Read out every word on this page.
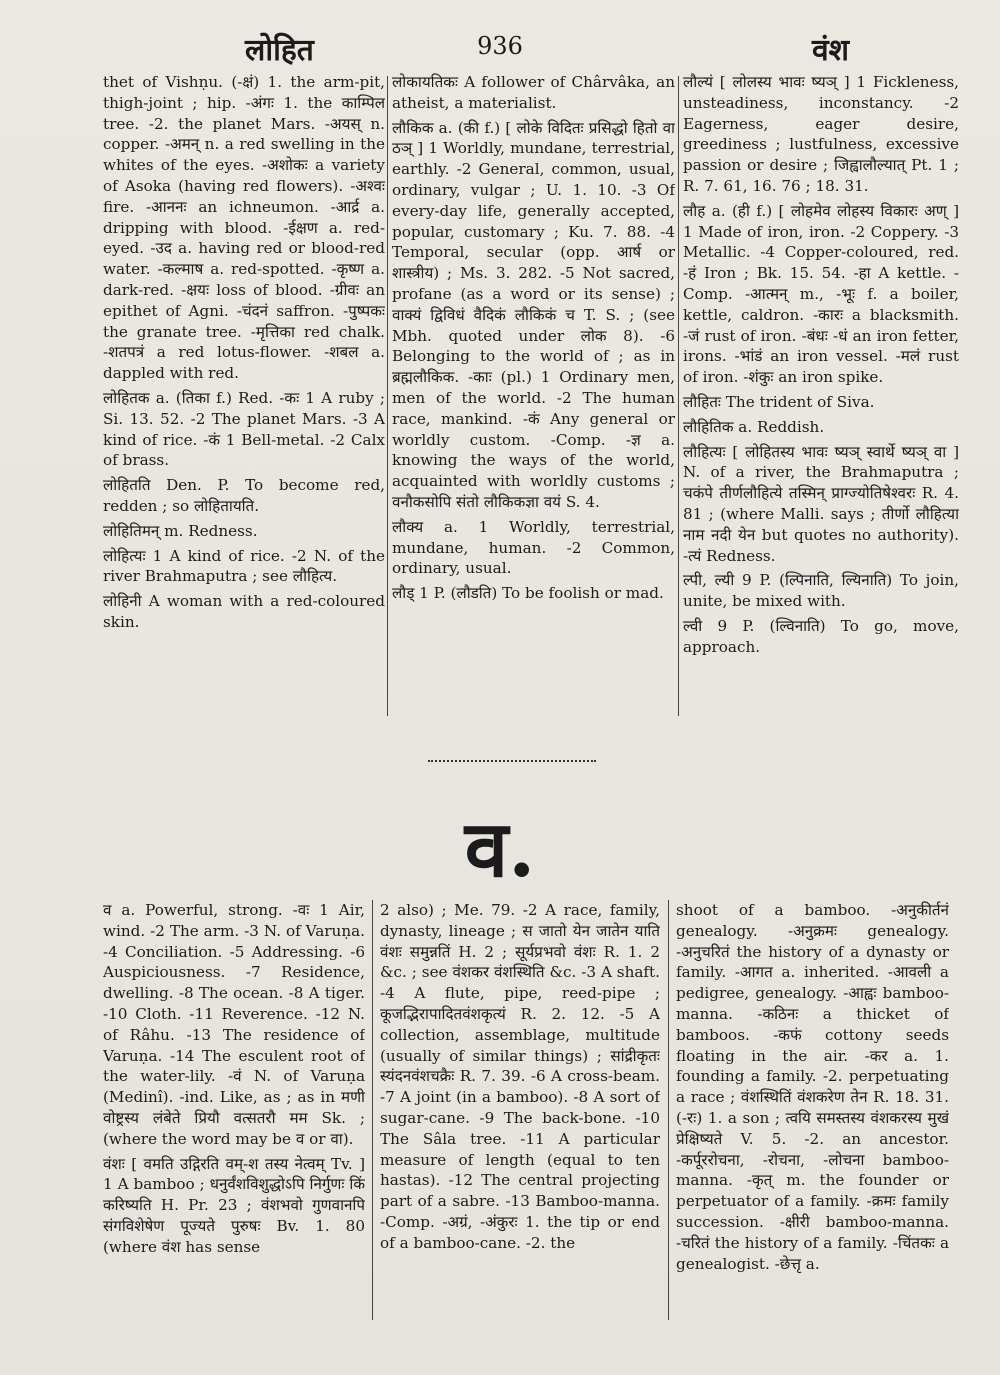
लोहित	936	वंश

thet of Vishṇu. (-क्षं) 1. the arm-pit, thigh-joint ; hip. -अंगः 1. the काम्पिल tree. -2. the planet Mars. -अयस् n. copper. -अमन् n. a red swelling in the whites of the eyes. -अशोकः a variety of Asoka (having red flowers). -अश्वः fire. -आननः an ichneumon. -आर्द्र a. dripping with blood. -ईक्षण a. red-eyed. -उद a. having red or blood-red water. -कल्माष a. red-spotted. -कृष्ण a. dark-red. -क्षयः loss of blood. -ग्रीवः an epithet of Agni. -चंदनं saffron. -पुष्पकः the granate tree. -मृत्तिका red chalk. -शतपत्रं a red lotus-flower. -शबल a. dappled with red.

लोहितक a. (तिका f.) Red. -कः 1 A ruby ; Si. 13. 52. -2 The planet Mars. -3 A kind of rice. -कं 1 Bell-metal. -2 Calx of brass.

लोहितति Den. P. To become red, redden ; so लोहितायति.

लोहितिमन् m. Redness.

लोहित्यः 1 A kind of rice. -2 N. of the river Brahmaputra ; see लौहित्य.

लोहिनी A woman with a red-coloured skin.

लोकायतिकः A follower of Chârvâka, an atheist, a materialist.

लौकिक a. (की f.) [ लोके विदितः प्रसिद्धो हितो वा ठञ् ] 1 Worldly, mundane, terrestrial, earthly. -2 General, common, usual, ordinary, vulgar ; U. 1. 10. -3 Of every-day life, generally accepted, popular, customary ; Ku. 7. 88. -4 Temporal, secular (opp. आर्ष or शास्त्रीय) ; Ms. 3. 282. -5 Not sacred, profane (as a word or its sense) ; वाक्यं द्विविधं वैदिकं लौकिकं च T. S. ; (see Mbh. quoted under लोक 8). -6 Belonging to the world of ; as in ब्रह्मलौकिक. -काः (pl.) 1 Ordinary men, men of the world. -2 The human race, mankind. -कं Any general or worldly custom. -Comp. -ज्ञ a. knowing the ways of the world, acquainted with worldly customs ; वनौकसोपि संतो लौकिकज्ञा वयं S. 4.

लौक्य a. 1 Worldly, terrestrial, mundane, human. -2 Common, ordinary, usual.

लौड् 1 P. (लौडति) To be foolish or mad.

लौल्यं [ लोलस्य भावः ष्यञ् ] 1 Fickleness, unsteadiness, inconstancy. -2 Eagerness, eager desire, greediness ; lustfulness, excessive passion or desire ; जिह्वालौल्यात् Pt. 1 ; R. 7. 61, 16. 76 ; 18. 31.

लौह a. (ही f.) [ लोहमेव लोहस्य विकारः अण् ] 1 Made of iron, iron. -2 Coppery. -3 Metallic. -4 Copper-coloured, red. -हं Iron ; Bk. 15. 54. -हा A kettle. -Comp. -आत्मन् m., -भूः f. a boiler, kettle, caldron. -कारः a blacksmith. -जं rust of iron. -बंधः -धं an iron fetter, irons. -भांडं an iron vessel. -मलं rust of iron. -शंकुः an iron spike.

लौहितः The trident of Siva.

लौहितिक a. Reddish.

लौहित्यः [ लोहितस्य भावः ष्यञ् स्वार्थे ष्यञ् वा ] N. of a river, the Brahmaputra ; चकंपे तीर्णलौहित्ये तस्मिन् प्राग्ज्योतिषेश्वरः R. 4. 81 ; (where Malli. says ; तीर्णो लौहित्या नाम नदी येन but quotes no authority). -त्यं Redness.

ल्पी, ल्यी 9 P. (ल्पिनाति, ल्यिनाति) To join, unite, be mixed with.

ल्वी 9 P. (ल्विनाति) To go, move, approach.

व.

व a. Powerful, strong. -वः 1 Air, wind. -2 The arm. -3 N. of Varuṇa. -4 Conciliation. -5 Addressing. -6 Auspiciousness. -7 Residence, dwelling. -8 The ocean. -8 A tiger. -10 Cloth. -11 Reverence. -12 N. of Râhu. -13 The residence of Varuṇa. -14 The esculent root of the water-lily. -वं N. of Varuṇa (Medinî). -ind. Like, as ; as in मणी वोष्ट्रस्य लंबेते प्रियौ वत्सतरौ मम Sk. ; (where the word may be व or वा).

वंशः [ वमति उद्गिरति वम्-श तस्य नेत्वम् Tv. ] 1 A bamboo ; धनुर्वंशविशुद्धोऽपि निर्गुणः किं करिष्यति H. Pr. 23 ; वंशभवो गुणवानपि संगविशेषेण पूज्यते पुरुषः Bv. 1. 80 (where वंश has sense

2 also) ; Me. 79. -2 A race, family, dynasty, lineage ; स जातो येन जातेन याति वंशः समुन्नतिं H. 2 ; सूर्यप्रभवो वंशः R. 1. 2 &c. ; see वंशकर वंशस्थिति &c. -3 A shaft. -4 A flute, pipe, reed-pipe ; कूजद्भिरापादितवंशकृत्यं R. 2. 12. -5 A collection, assemblage, multitude (usually of similar things) ; सांद्रीकृतः स्यंदनवंशचक्रैः R. 7. 39. -6 A cross-beam. -7 A joint (in a bamboo). -8 A sort of sugar-cane. -9 The back-bone. -10 The Sâla tree. -11 A particular measure of length (equal to ten hastas). -12 The central projecting part of a sabre. -13 Bamboo-manna. -Comp. -अग्रं, -अंकुरः 1. the tip or end of a bamboo-cane. -2. the

shoot of a bamboo. -अनुकीर्तनं genealogy. -अनुक्रमः genealogy. -अनुचरितं the history of a dynasty or family. -आगत a. inherited. -आवली a pedigree, genealogy. -आह्वः bamboo-manna. -कठिनः a thicket of bamboos. -कफं cottony seeds floating in the air. -कर a. 1. founding a family. -2. perpetuating a race ; वंशस्थितिं वंशकरेण तेन R. 18. 31. (-रः) 1. a son ; त्वयि समस्तस्य वंशकरस्य मुखं प्रेक्षिष्यते V. 5. -2. an ancestor. -कर्पूररोचना, -रोचना, -लोचना bamboo-manna. -कृत् m. the founder or perpetuator of a family. -क्रमः family succession. -क्षीरी bamboo-manna. -चरितं the history of a family. -चिंतकः a genealogist. -छेत्तृ a.
